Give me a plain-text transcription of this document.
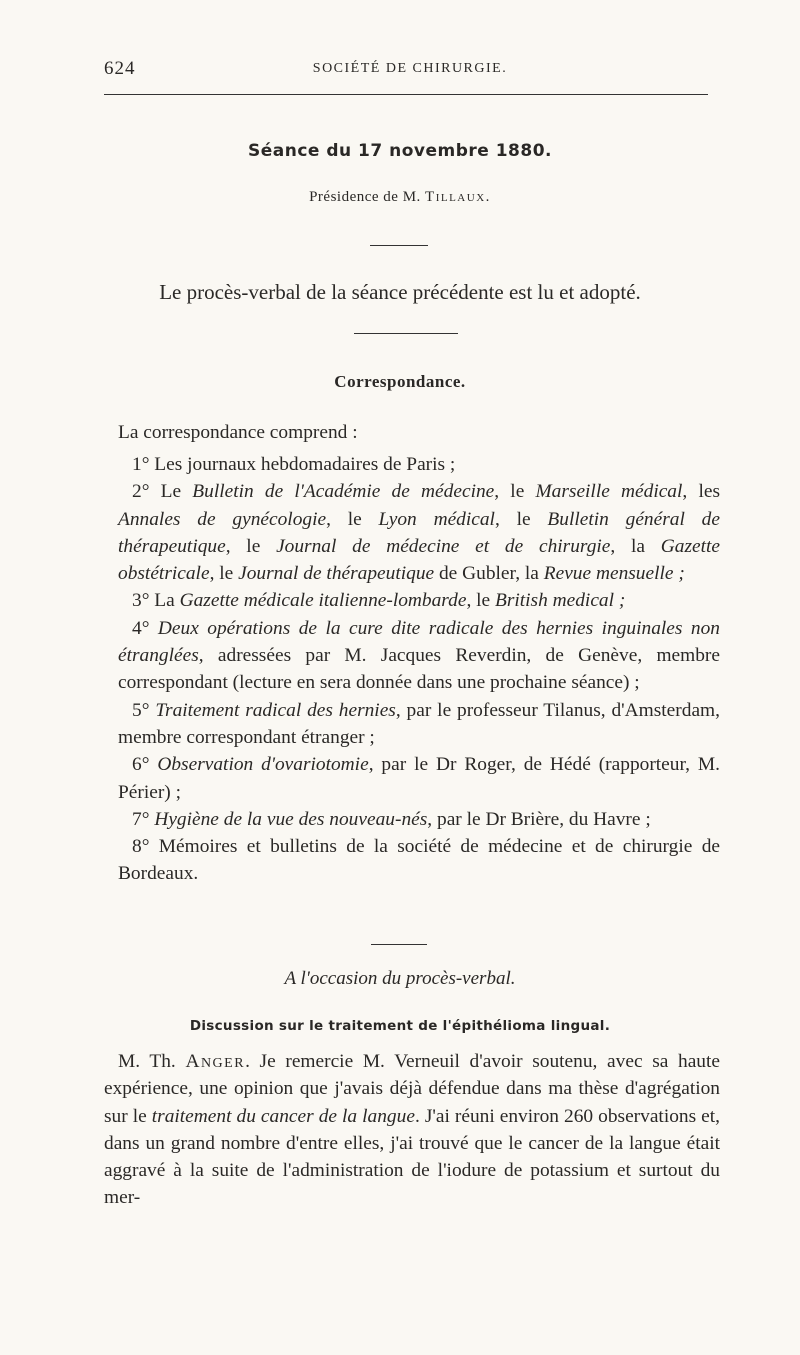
624	SOCIÉTÉ DE CHIRURGIE.
Séance du 17 novembre 1880.
Présidence de M. Tillaux.
Le procès-verbal de la séance précédente est lu et adopté.
Correspondance.
La correspondance comprend :

1° Les journaux hebdomadaires de Paris ;

2° Le Bulletin de l'Académie de médecine, le Marseille médical, les Annales de gynécologie, le Lyon médical, le Bulletin général de thérapeutique, le Journal de médecine et de chirurgie, la Gazette obstétricale, le Journal de thérapeutique de Gubler, la Revue mensuelle ;

3° La Gazette médicale italienne-lombarde, le British medical ;

4° Deux opérations de la cure dite radicale des hernies inguinales non étranglées, adressées par M. Jacques Reverdin, de Genève, membre correspondant (lecture en sera donnée dans une prochaine séance) ;

5° Traitement radical des hernies, par le professeur Tilanus, d'Amsterdam, membre correspondant étranger ;

6° Observation d'ovariotomie, par le Dr Roger, de Hédé (rapporteur, M. Périer) ;

7° Hygiène de la vue des nouveau-nés, par le Dr Brière, du Havre ;

8° Mémoires et bulletins de la société de médecine et de chirurgie de Bordeaux.

A l'occasion du procès-verbal.
Discussion sur le traitement de l'épithélioma lingual.

M. Th. Anger. Je remercie M. Verneuil d'avoir soutenu, avec sa haute expérience, une opinion que j'avais déjà défendue dans ma thèse d'agrégation sur le traitement du cancer de la langue. J'ai réuni environ 260 observations et, dans un grand nombre d'entre elles, j'ai trouvé que le cancer de la langue était aggravé à la suite de l'administration de l'iodure de potassium et surtout du mer-
